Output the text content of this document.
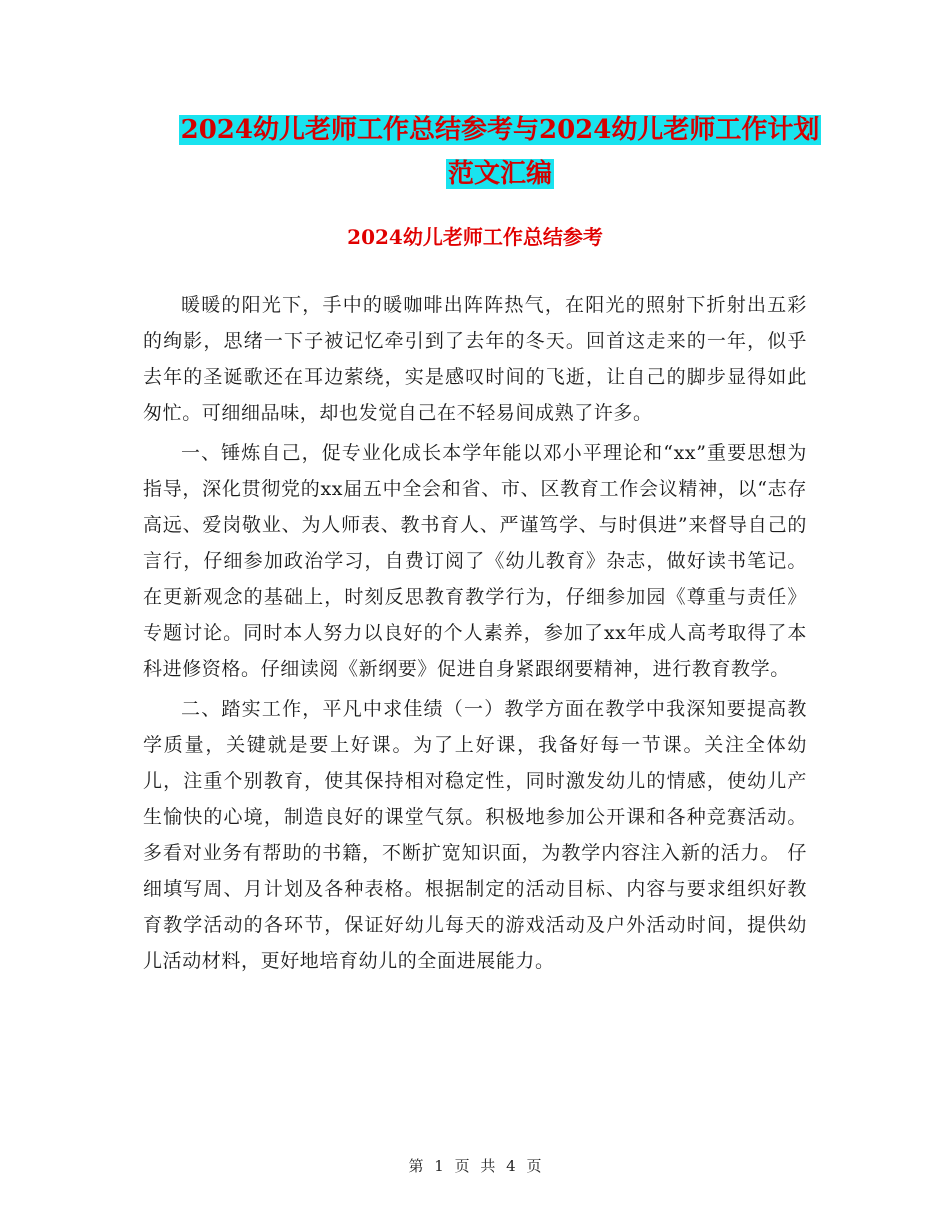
2024幼儿老师工作总结参考与2024幼儿老师工作计划
范文汇编
2024幼儿老师工作总结参考

暖暖的阳光下，手中的暖咖啡出阵阵热气，在阳光的照射下折射出五彩的绚影，思绪一下子被记忆牵引到了去年的冬天。回首这走来的一年，似乎去年的圣诞歌还在耳边萦绕，实是感叹时间的飞逝，让自己的脚步显得如此匆忙。可细细品味，却也发觉自己在不轻易间成熟了许多。

一、锤炼自己，促专业化成长本学年能以邓小平理论和“xx”重要思想为指导，深化贯彻党的xx届五中全会和省、市、区教育工作会议精神，以“志存高远、爱岗敬业、为人师表、教书育人、严谨笃学、与时俱进”来督导自己的言行，仔细参加政治学习，自费订阅了《幼儿教育》杂志，做好读书笔记。在更新观念的基础上，时刻反思教育教学行为，仔细参加园《尊重与责任》专题讨论。同时本人努力以良好的个人素养，参加了xx年成人高考取得了本科进修资格。仔细读阅《新纲要》促进自身紧跟纲要精神，进行教育教学。

二、踏实工作，平凡中求佳绩（一）教学方面在教学中我深知要提高教学质量，关键就是要上好课。为了上好课，我备好每一节课。关注全体幼儿，注重个别教育，使其保持相对稳定性，同时激发幼儿的情感，使幼儿产生愉快的心境，制造良好的课堂气氛。积极地参加公开课和各种竞赛活动。多看对业务有帮助的书籍，不断扩宽知识面，为教学内容注入新的活力。 仔细填写周、月计划及各种表格。根据制定的活动目标、内容与要求组织好教育教学活动的各环节，保证好幼儿每天的游戏活动及户外活动时间，提供幼儿活动材料，更好地培育幼儿的全面进展能力。

第 1 页 共 4 页
